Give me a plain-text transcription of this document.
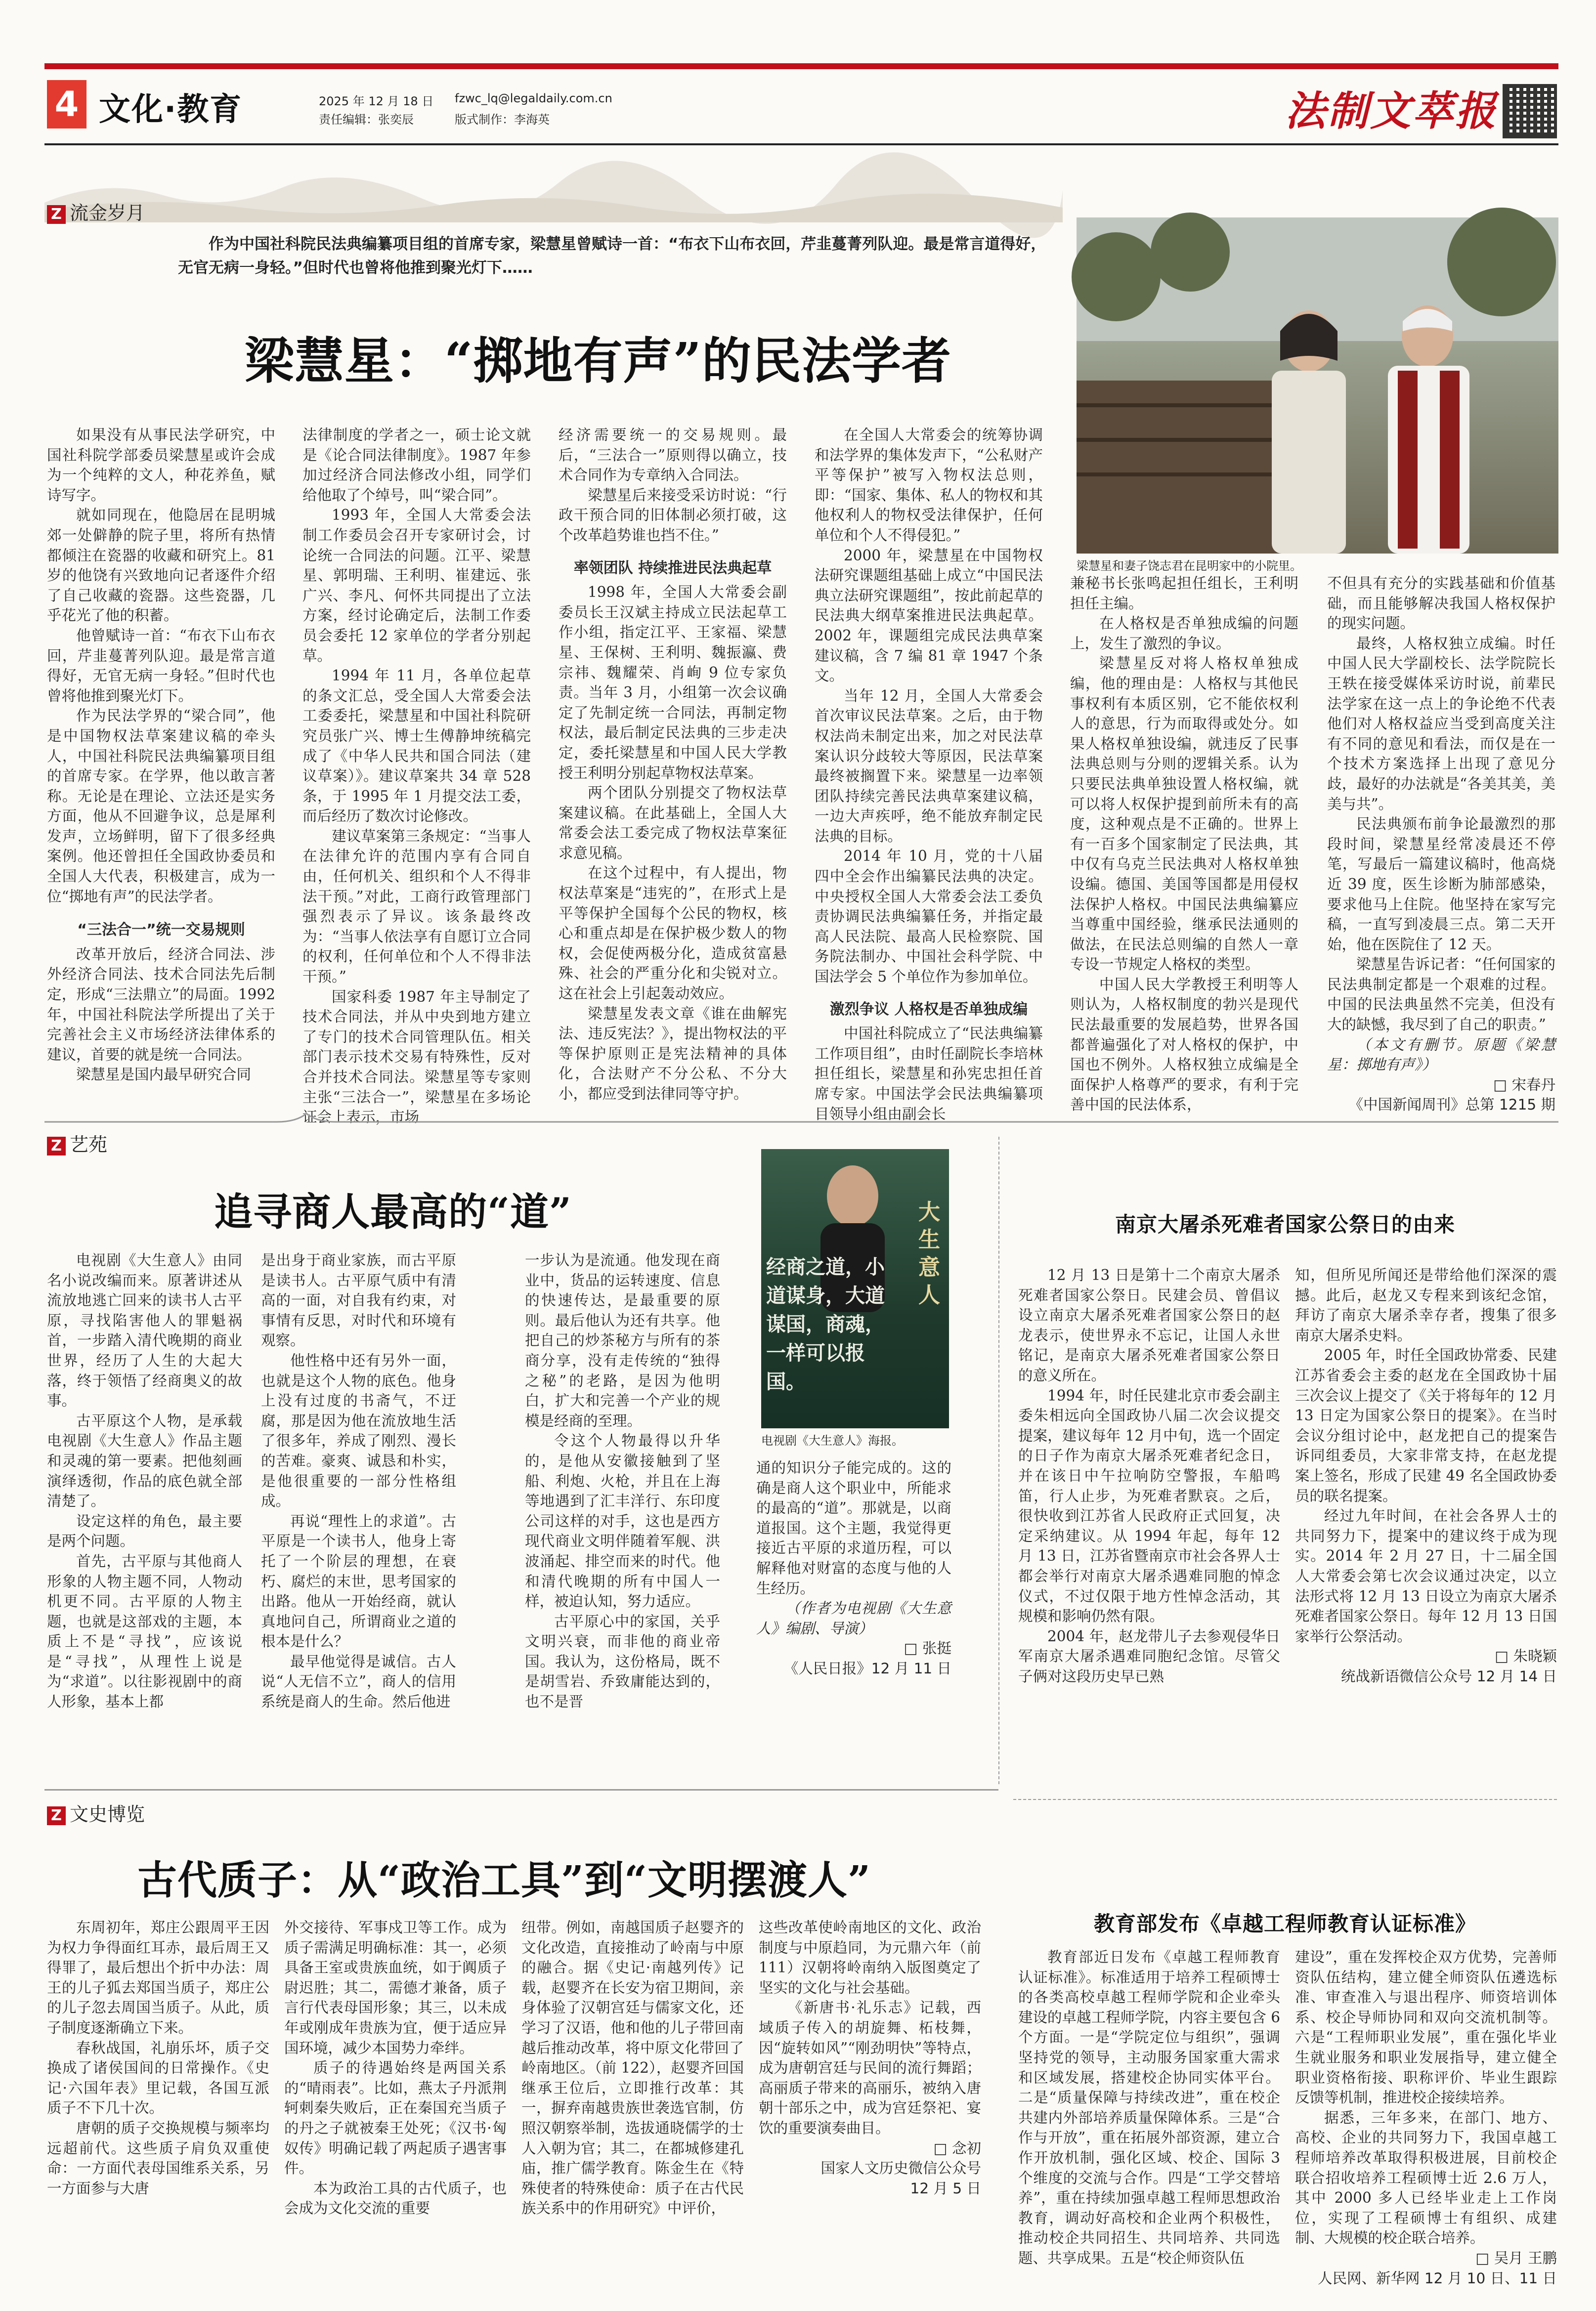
4 文化·教育	2025 年 12 月 18 日
责任编辑：张奕辰
fzwc_lq@legaldaily.com.cn
版式制作：李海英	法制文萃报
Z 流金岁月
作为中国社科院民法典编纂项目组的首席专家，梁慧星曾赋诗一首：“布衣下山布衣回，芹韭蔓菁列队迎。最是常言道得好，无官无病一身轻。”但时代也曾将他推到聚光灯下……
梁慧星：“掷地有声”的民法学者
梁慧星和妻子饶志君在昆明家中的小院里。

如果没有从事民法学研究，中国社科院学部委员梁慧星或许会成为一个纯粹的文人，种花养鱼，赋诗写字。

就如同现在，他隐居在昆明城郊一处僻静的院子里，将所有热情都倾注在瓷器的收藏和研究上。81 岁的他饶有兴致地向记者逐件介绍了自己收藏的瓷器。这些瓷器，几乎花光了他的积蓄。

他曾赋诗一首：“布衣下山布衣回，芹韭蔓菁列队迎。最是常言道得好，无官无病一身轻。”但时代也曾将他推到聚光灯下。

作为民法学界的“梁合同”，他是中国物权法草案建议稿的牵头人，中国社科院民法典编纂项目组的首席专家。在学界，他以敢言著称。无论是在理论、立法还是实务方面，他从不回避争议，总是犀利发声，立场鲜明，留下了很多经典案例。他还曾担任全国政协委员和全国人大代表，积极建言，成为一位“掷地有声”的民法学者。

“三法合一”统一交易规则

改革开放后，经济合同法、涉外经济合同法、技术合同法先后制定，形成“三法鼎立”的局面。1992 年，中国社科院法学所提出了关于完善社会主义市场经济法律体系的建议，首要的就是统一合同法。

梁慧星是国内最早研究合同

法律制度的学者之一，硕士论文就是《论合同法律制度》。1987 年参加过经济合同法修改小组，同学们给他取了个绰号，叫“梁合同”。

1993 年，全国人大常委会法制工作委员会召开专家研讨会，讨论统一合同法的问题。江平、梁慧星、郭明瑞、王利明、崔建远、张广兴、李凡、何怀共同提出了立法方案，经讨论确定后，法制工作委员会委托 12 家单位的学者分别起草。

1994 年 11 月，各单位起草的条文汇总，受全国人大常委会法工委委托，梁慧星和中国社科院研究员张广兴、博士生傅静坤统稿完成了《中华人民共和国合同法（建议草案）》。建议草案共 34 章 528 条，于 1995 年 1 月提交法工委，而后经历了数次讨论修改。

建议草案第三条规定：“当事人在法律允许的范围内享有合同自由，任何机关、组织和个人不得非法干预。”对此，工商行政管理部门强烈表示了异议。该条最终改为：“当事人依法享有自愿订立合同的权利，任何单位和个人不得非法干预。”

国家科委 1987 年主导制定了技术合同法，并从中央到地方建立了专门的技术合同管理队伍。相关部门表示技术交易有特殊性，反对合并技术合同法。梁慧星等专家则主张“三法合一”，梁慧星在多场论证会上表示，市场

经济需要统一的交易规则。最后，“三法合一”原则得以确立，技术合同作为专章纳入合同法。

梁慧星后来接受采访时说：“行政干预合同的旧体制必须打破，这个改革趋势谁也挡不住。”

率领团队 持续推进民法典起草

1998 年，全国人大常委会副委员长王汉斌主持成立民法起草工作小组，指定江平、王家福、梁慧星、王保树、王利明、魏振瀛、费宗祎、魏耀荣、肖峋 9 位专家负责。当年 3 月，小组第一次会议确定了先制定统一合同法，再制定物权法，最后制定民法典的三步走决定，委托梁慧星和中国人民大学教授王利明分别起草物权法草案。

两个团队分别提交了物权法草案建议稿。在此基础上，全国人大常委会法工委完成了物权法草案征求意见稿。

在这个过程中，有人提出，物权法草案是“违宪的”，在形式上是平等保护全国每个公民的物权，核心和重点却是在保护极少数人的物权，会促使两极分化，造成贫富悬殊、社会的严重分化和尖锐对立。这在社会上引起轰动效应。

梁慧星发表文章《谁在曲解宪法、违反宪法？》，提出物权法的平等保护原则正是宪法精神的具体化，合法财产不分公私、不分大小，都应受到法律同等守护。

在全国人大常委会的统筹协调和法学界的集体发声下，“公私财产平等保护”被写入物权法总则，即：“国家、集体、私人的物权和其他权利人的物权受法律保护，任何单位和个人不得侵犯。”

2000 年，梁慧星在中国物权法研究课题组基础上成立“中国民法典立法研究课题组”，按此前起草的民法典大纲草案推进民法典起草。2002 年，课题组完成民法典草案建议稿，含 7 编 81 章 1947 个条文。

当年 12 月，全国人大常委会首次审议民法草案。之后，由于物权法尚未制定出来，加之对民法草案认识分歧较大等原因，民法草案最终被搁置下来。梁慧星一边率领团队持续完善民法典草案建议稿，一边大声疾呼，绝不能放弃制定民法典的目标。

2014 年 10 月，党的十八届四中全会作出编纂民法典的决定。中央授权全国人大常委会法工委负责协调民法典编纂任务，并指定最高人民法院、最高人民检察院、国务院法制办、中国社会科学院、中国法学会 5 个单位作为参加单位。

激烈争议 人格权是否单独成编

中国社科院成立了“民法典编纂工作项目组”，由时任副院长李培林担任组长，梁慧星和孙宪忠担任首席专家。中国法学会民法典编纂项目领导小组由副会长

兼秘书长张鸣起担任组长，王利明担任主编。

在人格权是否单独成编的问题上，发生了激烈的争议。

梁慧星反对将人格权单独成编，他的理由是：人格权与其他民事权利有本质区别，它不能依权利人的意思，行为而取得或处分。如果人格权单独设编，就违反了民事法典总则与分则的逻辑关系。认为只要民法典单独设置人格权编，就可以将人权保护提到前所未有的高度，这种观点是不正确的。世界上有一百多个国家制定了民法典，其中仅有乌克兰民法典对人格权单独设编。德国、美国等国都是用侵权法保护人格权。中国民法典编纂应当尊重中国经验，继承民法通则的做法，在民法总则编的自然人一章专设一节规定人格权的类型。

中国人民大学教授王利明等人则认为，人格权制度的勃兴是现代民法最重要的发展趋势，世界各国都普遍强化了对人格权的保护，中国也不例外。人格权独立成编是全面保护人格尊严的要求，有利于完善中国的民法体系，

不但具有充分的实践基础和价值基础，而且能够解决我国人格权保护的现实问题。

最终，人格权独立成编。时任中国人民大学副校长、法学院院长王轶在接受媒体采访时说，前辈民法学家在这一点上的争论绝不代表他们对人格权益应当受到高度关注有不同的意见和看法，而仅是在一个技术方案选择上出现了意见分歧，最好的办法就是“各美其美，美美与共”。

民法典颁布前争论最激烈的那段时间，梁慧星经常凌晨还不停笔，写最后一篇建议稿时，他高烧近 39 度，医生诊断为肺部感染，要求他马上住院。他坚持在家写完稿，一直写到凌晨三点。第二天开始，他在医院住了 12 天。

梁慧星告诉记者：“任何国家的民法典制定都是一个艰难的过程。中国的民法典虽然不完美，但没有大的缺憾，我尽到了自己的职责。”

（本文有删节。原题《梁慧星：掷地有声》）

□ 宋春丹

《中国新闻周刊》总第 1215 期

Z 艺苑
追寻商人最高的“道”

电视剧《大生意人》由同名小说改编而来。原著讲述从流放地逃亡回来的读书人古平原，寻找陷害他人的罪魁祸首，一步踏入清代晚期的商业世界，经历了人生的大起大落，终于领悟了经商奥义的故事。

古平原这个人物，是承载电视剧《大生意人》作品主题和灵魂的第一要素。把他刻画演绎透彻，作品的底色就全部清楚了。

设定这样的角色，最主要是两个问题。

首先，古平原与其他商人形象的人物主题不同，人物动机更不同。古平原的人物主题，也就是这部戏的主题，本质上不是“寻找”，应该说是“寻找”，从理性上说是为“求道”。以往影视剧中的商人形象，基本上都

是出身于商业家族，而古平原是读书人。古平原气质中有清高的一面，对自我有约束，对事情有反思，对时代和环境有观察。

他性格中还有另外一面，也就是这个人物的底色。他身上没有过度的书斋气，不迂腐，那是因为他在流放地生活了很多年，养成了刚烈、漫长的苦难。豪爽、诚恳和朴实，是他很重要的一部分性格组成。

再说“理性上的求道”。古平原是一个读书人，他身上寄托了一个阶层的理想，在衰朽、腐烂的末世，思考国家的出路。他从一开始经商，就认真地问自己，所谓商业之道的根本是什么？

最早他觉得是诚信。古人说“人无信不立”，商人的信用系统是商人的生命。然后他进

一步认为是流通。他发现在商业中，货品的运转速度、信息的快速传达，是最重要的原则。最后他认为还有共享。他把自己的炒茶秘方与所有的茶商分享，没有走传统的“独得之秘”的老路，是因为他明白，扩大和完善一个产业的规模是经商的至理。

令这个人物最得以升华的，是他从安徽接触到了坚船、利炮、火枪，并且在上海等地遇到了汇丰洋行、东印度公司这样的对手，这也是西方现代商业文明伴随着军舰、洪波涌起、排空而来的时代。他和清代晚期的所有中国人一样，被迫认知，努力适应。

古平原心中的家国，关乎文明兴衰，而非他的商业帝国。我认为，这份格局，既不是胡雪岩、乔致庸能达到的，也不是晋

经商之道，小道谋身，大道谋国，商魂，一样可以报国。
大生意人
电视剧《大生意人》海报。

通的知识分子能完成的。这的确是商人这个职业中，所能求的最高的“道”。那就是，以商道报国。这个主题，我觉得更接近古平原的求道历程，可以解释他对财富的态度与他的人生经历。

（作者为电视剧《大生意人》编剧、导演）

□ 张挺

《人民日报》12 月 11 日

南京大屠杀死难者国家公祭日的由来

12 月 13 日是第十二个南京大屠杀死难者国家公祭日。民建会员、曾倡议设立南京大屠杀死难者国家公祭日的赵龙表示，使世界永不忘记，让国人永世铭记，是南京大屠杀死难者国家公祭日的意义所在。

1994 年，时任民建北京市委会副主委朱相远向全国政协八届二次会议提交提案，建议每年 12 月中旬，选一个固定的日子作为南京大屠杀死难者纪念日，并在该日中午拉响防空警报，车船鸣笛，行人止步，为死难者默哀。之后，很快收到江苏省人民政府正式回复，决定采纳建议。从 1994 年起，每年 12 月 13 日，江苏省暨南京市社会各界人士都会举行对南京大屠杀遇难同胞的悼念仪式，不过仅限于地方性悼念活动，其规模和影响仍然有限。

2004 年，赵龙带儿子去参观侵华日军南京大屠杀遇难同胞纪念馆。尽管父子俩对这段历史早已熟

知，但所见所闻还是带给他们深深的震撼。此后，赵龙又专程来到该纪念馆，拜访了南京大屠杀幸存者，搜集了很多南京大屠杀史料。

2005 年，时任全国政协常委、民建江苏省委会主委的赵龙在全国政协十届三次会议上提交了《关于将每年的 12 月 13 日定为国家公祭日的提案》。在当时会议分组讨论中，赵龙把自己的提案告诉同组委员，大家非常支持，在赵龙提案上签名，形成了民建 49 名全国政协委员的联名提案。

经过九年时间，在社会各界人士的共同努力下，提案中的建议终于成为现实。2014 年 2 月 27 日，十二届全国人大常委会第七次会议通过决定，以立法形式将 12 月 13 日设立为南京大屠杀死难者国家公祭日。每年 12 月 13 日国家举行公祭活动。

□ 朱晓颖

统战新语微信公众号 12 月 14 日

Z 文史博览
古代质子：从“政治工具”到“文明摆渡人”

东周初年，郑庄公跟周平王因为权力争得面红耳赤，最后周王又得罪了，最后想出个折中办法：周王的儿子狐去郑国当质子，郑庄公的儿子忽去周国当质子。从此，质子制度逐渐确立下来。

春秋战国，礼崩乐坏，质子交换成了诸侯国间的日常操作。《史记·六国年表》里记载，各国互派质子不下几十次。

唐朝的质子交换规模与频率均远超前代。这些质子肩负双重使命：一方面代表母国维系关系，另一方面参与大唐

外交接待、军事戍卫等工作。成为质子需满足明确标准：其一，必须具备王室或贵族血统，如于阗质子尉迟胜；其二，需德才兼备，质子言行代表母国形象；其三，以未成年或刚成年贵族为宜，便于适应异国环境，减少本国势力牵绊。

质子的待遇始终是两国关系的“晴雨表”。比如，燕太子丹派荆轲刺秦失败后，正在秦国充当质子的丹之子就被秦王处死；《汉书·匈奴传》明确记载了两起质子遇害事件。

本为政治工具的古代质子，也会成为文化交流的重要

纽带。例如，南越国质子赵婴齐的文化改造，直接推动了岭南与中原的融合。据《史记·南越列传》记载，赵婴齐在长安为宿卫期间，亲身体验了汉朝宫廷与儒家文化，还学习了汉语，他和他的儿子带回南越后推动改革，将中原文化带回了岭南地区。（前 122），赵婴齐回国继承王位后，立即推行改革：其一，摒弃南越贵族世袭选官制，仿照汉朝察举制，选拔通晓儒学的士人入朝为官；其二，在都城修建孔庙，推广儒学教育。陈金生在《特殊使者的特殊使命：质子在古代民族关系中的作用研究》中评价，

这些改革使岭南地区的文化、政治制度与中原趋同，为元鼎六年（前 111）汉朝将岭南纳入版图奠定了坚实的文化与社会基础。

《新唐书·礼乐志》记载，西域质子传入的胡旋舞、柘枝舞，因“旋转如风”“刚劲明快”等特点，成为唐朝宫廷与民间的流行舞蹈；高丽质子带来的高丽乐，被纳入唐朝十部乐之中，成为宫廷祭祀、宴饮的重要演奏曲目。

□ 念初

国家人文历史微信公众号

12 月 5 日

教育部发布《卓越工程师教育认证标准》

教育部近日发布《卓越工程师教育认证标准》。标准适用于培养工程硕博士的各类高校卓越工程师学院和企业牵头建设的卓越工程师学院，内容主要包含 6 个方面。一是“学院定位与组织”，强调坚持党的领导，主动服务国家重大需求和区域发展，搭建校企协同实体平台。二是“质量保障与持续改进”，重在校企共建内外部培养质量保障体系。三是“合作与开放”，重在拓展外部资源，建立合作开放机制，强化区域、校企、国际 3 个维度的交流与合作。四是“工学交替培养”，重在持续加强卓越工程师思想政治教育，调动好高校和企业两个积极性，推动校企共同招生、共同培养、共同选题、共享成果。五是“校企师资队伍

建设”，重在发挥校企双方优势，完善师资队伍结构，建立健全师资队伍遴选标准、审查准入与退出程序、师资培训体系、校企导师协同和双向交流机制等。六是“工程师职业发展”，重在强化毕业生就业服务和职业发展指导，建立健全职业资格衔接、职称评价、毕业生跟踪反馈等机制，推进校企接续培养。

据悉，三年多来，在部门、地方、高校、企业的共同努力下，我国卓越工程师培养改革取得积极进展，目前校企联合招收培养工程硕博士近 2.6 万人，其中 2000 多人已经毕业走上工作岗位，实现了工程硕博士有组织、成建制、大规模的校企联合培养。

□ 吴月 王鹏

人民网、新华网 12 月 10 日、11 日
